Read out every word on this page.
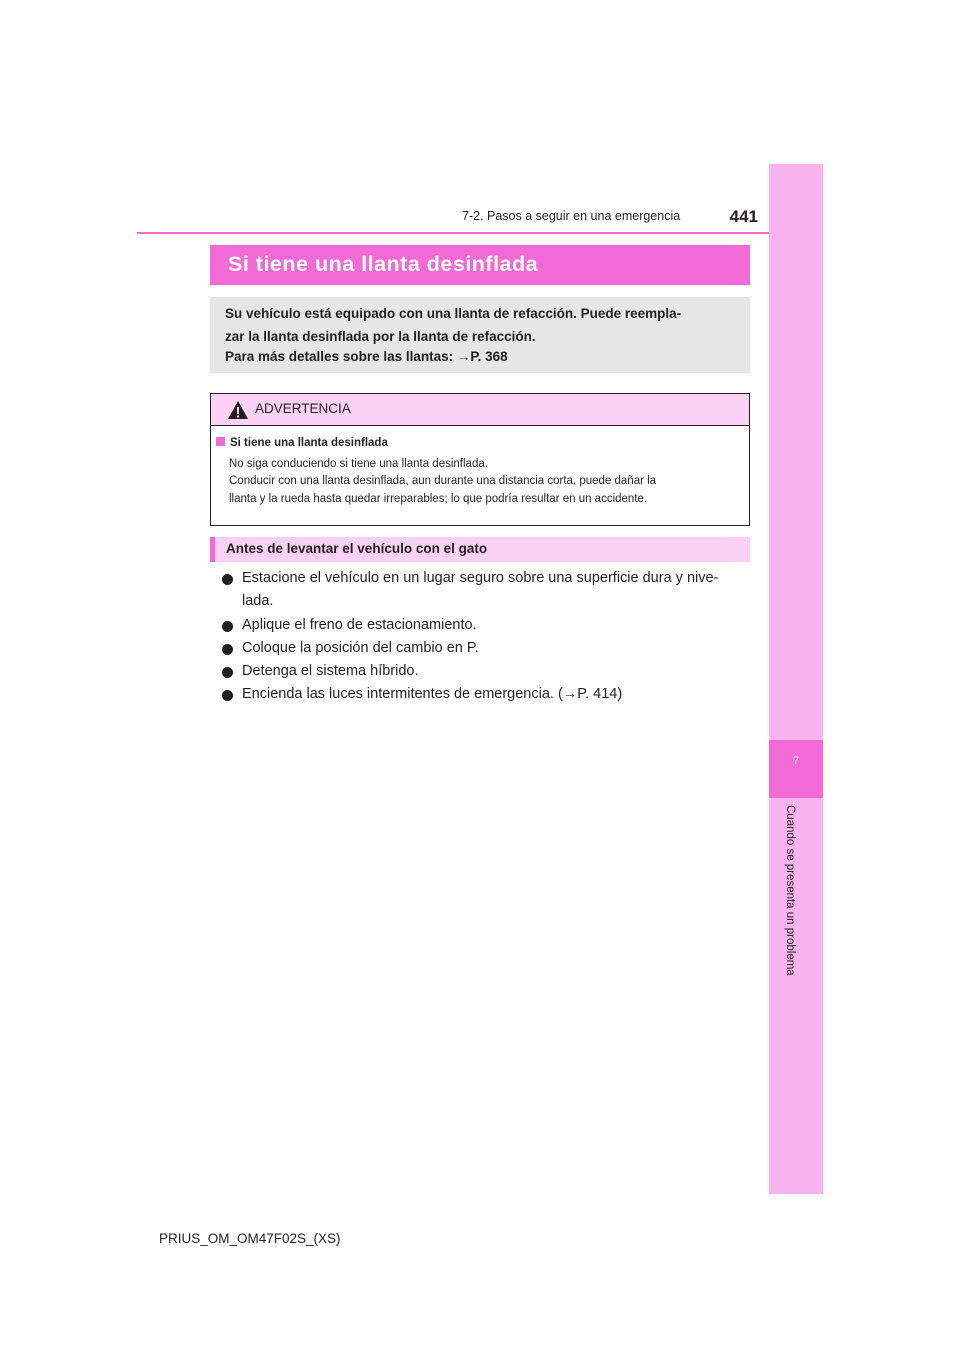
7-2. Pasos a seguir en una emergencia	441
7
Cuando se presenta un problema
Si tiene una llanta desinflada
Su vehículo está equipado con una llanta de refacción. Puede reempla-
zar la llanta desinflada por la llanta de refacción.
Para más detalles sobre las llantas: →P. 368
ADVERTENCIA
Si tiene una llanta desinflada
No siga conduciendo si tiene una llanta desinflada.
Conducir con una llanta desinflada, aun durante una distancia corta, puede dañar la
llanta y la rueda hasta quedar irreparables; lo que podría resultar en un accidente.
Antes de levantar el vehículo con el gato
Estacione el vehículo en un lugar seguro sobre una superficie dura y nive-
lada.
Aplique el freno de estacionamiento.
Coloque la posición del cambio en P.
Detenga el sistema híbrido.
Encienda las luces intermitentes de emergencia. (→P. 414)
PRIUS_OM_OM47F02S_(XS)
